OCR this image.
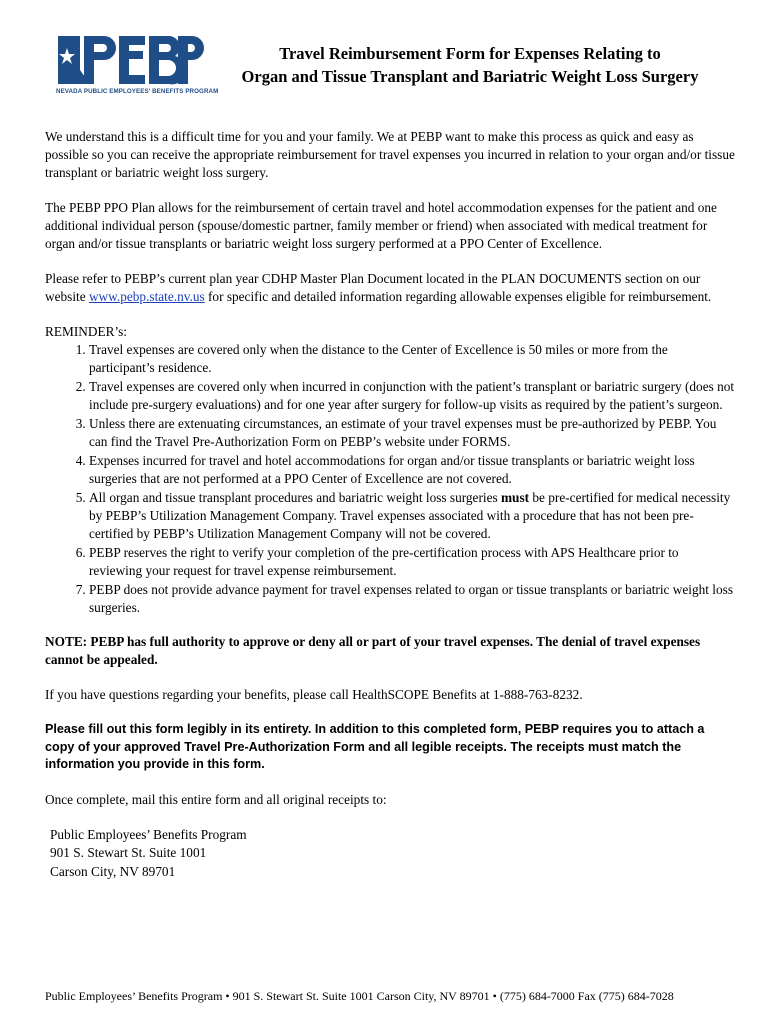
NEVADA PUBLIC EMPLOYEES' BENEFITS PROGRAM
Travel Reimbursement Form for Expenses Relating to
Organ and Tissue Transplant and Bariatric Weight Loss Surgery

We understand this is a difficult time for you and your family. We at PEBP want to make this process as quick and easy as possible so you can receive the appropriate reimbursement for travel expenses you incurred in relation to your organ and/or tissue transplant or bariatric weight loss surgery.

The PEBP PPO Plan allows for the reimbursement of certain travel and hotel accommodation expenses for the patient and one additional individual person (spouse/domestic partner, family member or friend) when associated with medical treatment for organ and/or tissue transplants or bariatric weight loss surgery performed at a PPO Center of Excellence.

Please refer to PEBP’s current plan year CDHP Master Plan Document located in the PLAN DOCUMENTS section on our website www.pebp.state.nv.us for specific and detailed information regarding allowable expenses eligible for reimbursement.

REMINDER’s:
1. Travel expenses are covered only when the distance to the Center of Excellence is 50 miles or more from the participant’s residence.
2. Travel expenses are covered only when incurred in conjunction with the patient’s transplant or bariatric surgery (does not include pre-surgery evaluations) and for one year after surgery for follow-up visits as required by the patient’s surgeon.
3. Unless there are extenuating circumstances, an estimate of your travel expenses must be pre-authorized by PEBP. You can find the Travel Pre-Authorization Form on PEBP’s website under FORMS.
4. Expenses incurred for travel and hotel accommodations for organ and/or tissue transplants or bariatric weight loss surgeries that are not performed at a PPO Center of Excellence are not covered.
5. All organ and tissue transplant procedures and bariatric weight loss surgeries must be pre-certified for medical necessity by PEBP’s Utilization Management Company. Travel expenses associated with a procedure that has not been pre-certified by PEBP’s Utilization Management Company will not be covered.
6. PEBP reserves the right to verify your completion of the pre-certification process with APS Healthcare prior to reviewing your request for travel expense reimbursement.
7. PEBP does not provide advance payment for travel expenses related to organ or tissue transplants or bariatric weight loss surgeries.

NOTE: PEBP has full authority to approve or deny all or part of your travel expenses. The denial of travel expenses cannot be appealed.

If you have questions regarding your benefits, please call HealthSCOPE Benefits at 1-888-763-8232.

Please fill out this form legibly in its entirety. In addition to this completed form, PEBP requires you to attach a copy of your approved Travel Pre-Authorization Form and all legible receipts. The receipts must match the information you provide in this form.

Once complete, mail this entire form and all original receipts to:

Public Employees’ Benefits Program
901 S. Stewart St. Suite 1001
Carson City, NV 89701
Public Employees’ Benefits Program • 901 S. Stewart St. Suite 1001 Carson City, NV 89701 • (775) 684-7000 Fax (775) 684-7028
